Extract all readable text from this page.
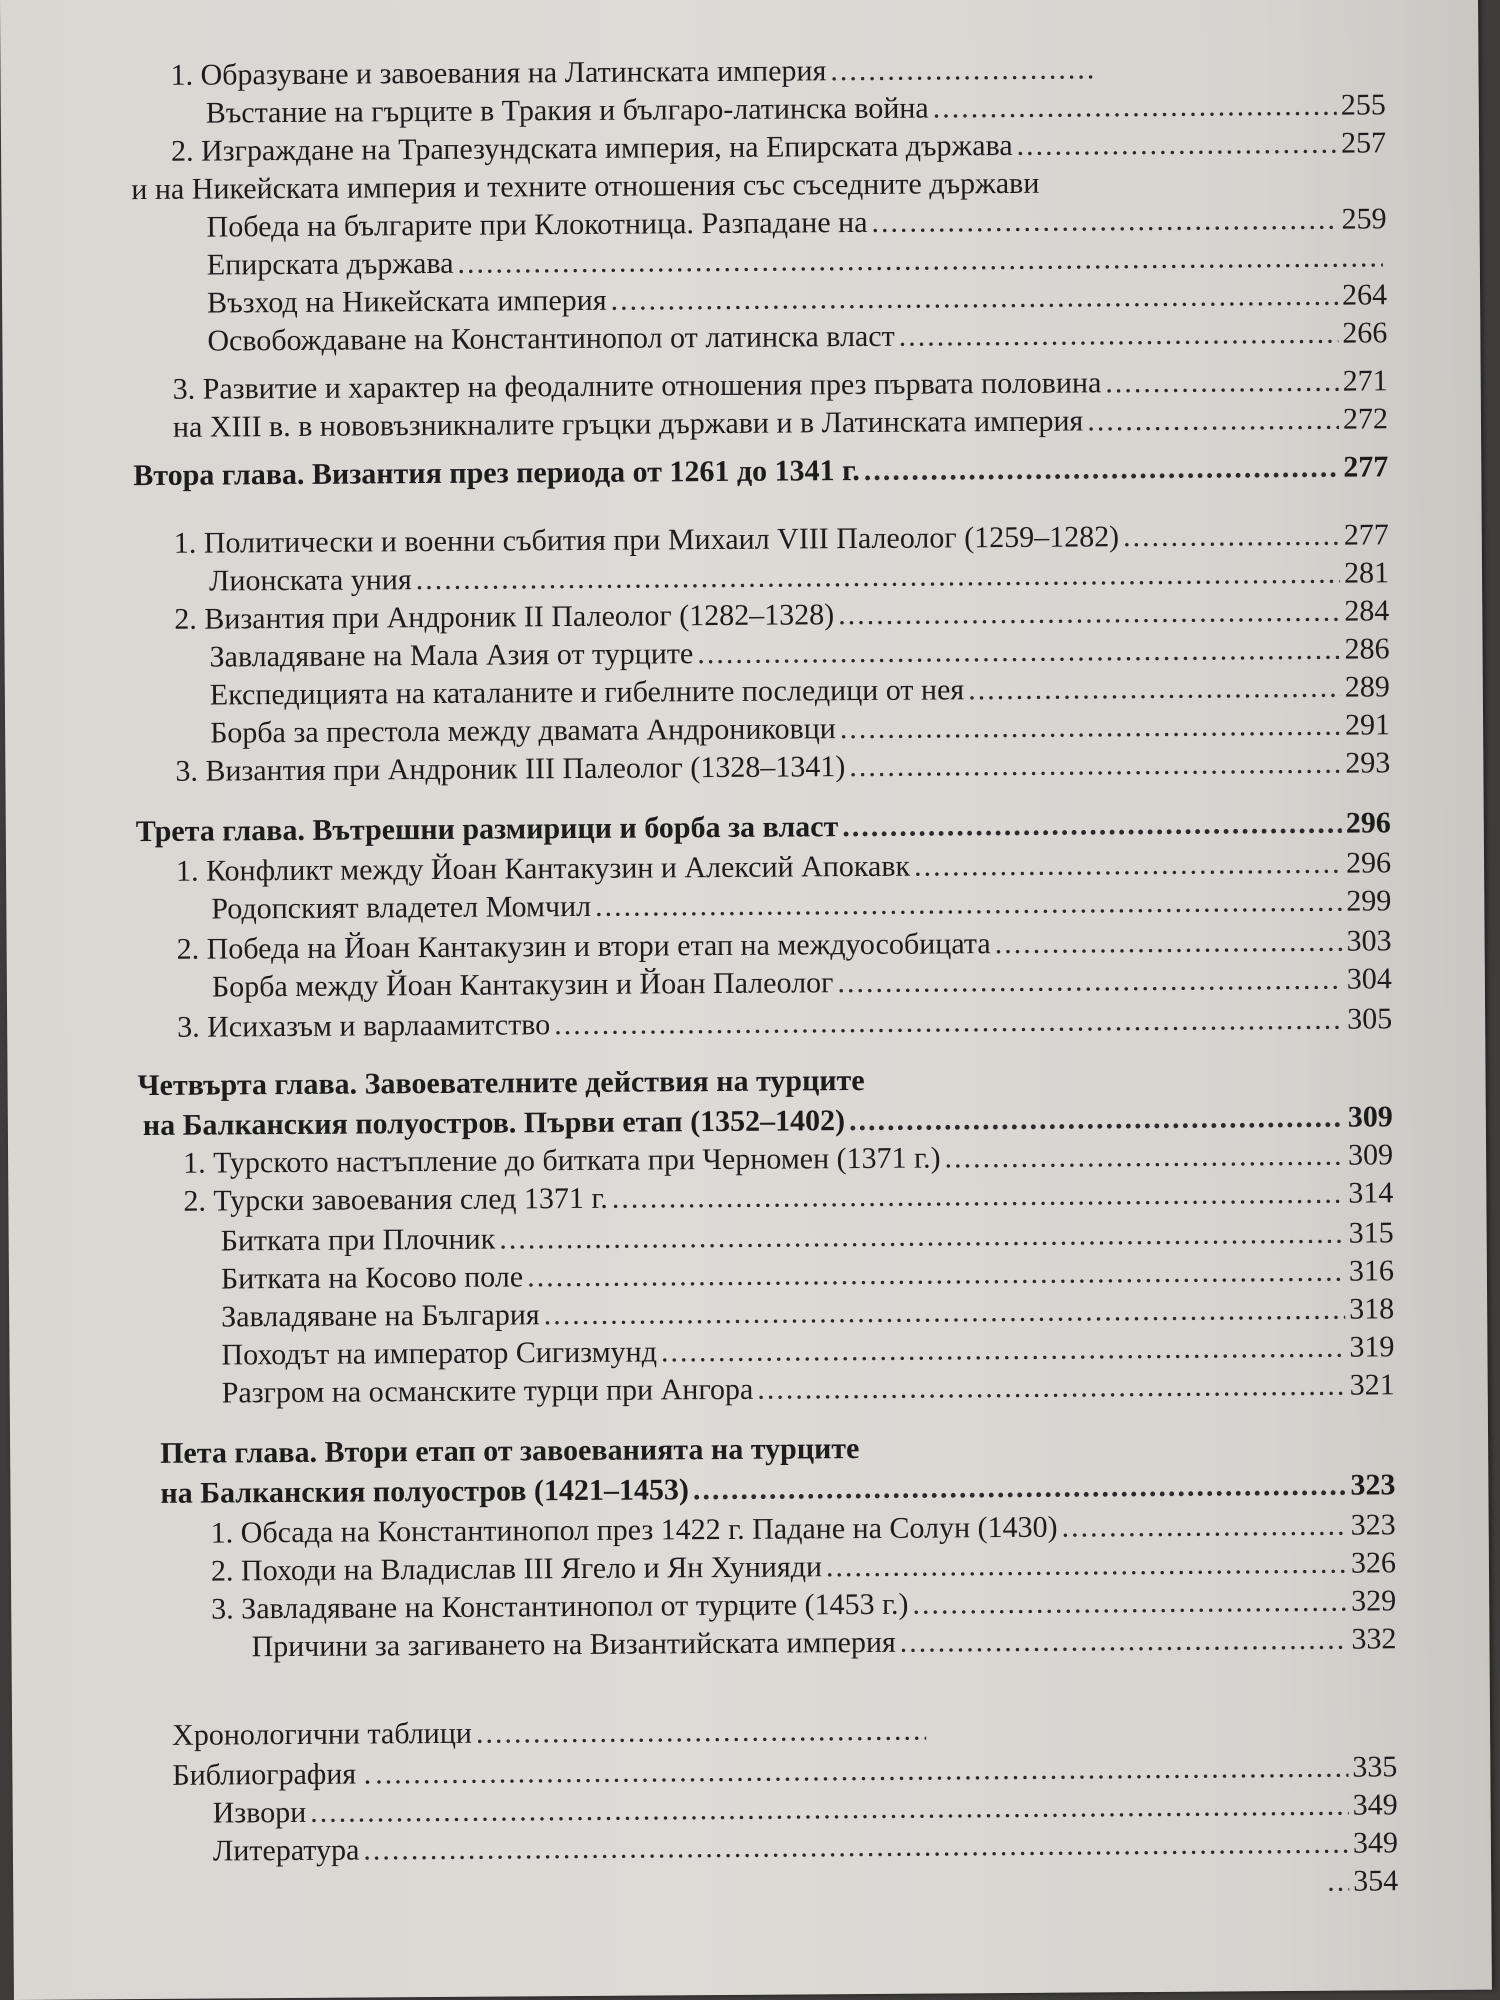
1. Образуване и завоевания на Латинската империя
.....
Въстание на гърците в Тракия и българо-латинска война .....	255
2. Изграждане на Трапезундската империя, на Епирската държава .....	257
и на Никейската империя и техните отношения със съседните държави
Победа на българите при Клокотница. Разпадане на .....	259
Епирската държава
.....
Възход на Никейската империя .....	264
Освобождаване на Константинопол от латинска власт .....	266
3. Развитие и характер на феодалните отношения през първата половина .....	271
на XIII в. в нововъзникналите гръцки държави и в Латинската империя .....	272
Втора глава. Византия през периода от 1261 до 1341 г. .....	277
1. Политически и военни събития при Михаил VIII Палеолог (1259–1282) .....	277
Лионската уния .....	281
2. Византия при Андроник II Палеолог (1282–1328) .....	284
Завладяване на Мала Азия от турците .....	286
Експедицията на каталаните и гибелните последици от нея .....	289
Борба за престола между двамата Андрониковци .....	291
3. Византия при Андроник III Палеолог (1328–1341) .....	293
Трета глава. Вътрешни размирици и борба за власт .....	296
1. Конфликт между Йоан Кантакузин и Алексий Апокавк .....	296
Родопският владетел Момчил .....	299
2. Победа на Йоан Кантакузин и втори етап на междуособицата .....	303
Борба между Йоан Кантакузин и Йоан Палеолог .....	304
3. Исихазъм и варлаамитство .....	305
Четвърта глава. Завоевателните действия на турците
на Балканския полуостров. Първи етап (1352–1402) .....	309
1. Турското настъпление до битката при Черномен (1371 г.) .....	309
2. Турски завоевания след 1371 г. .....	314
Битката при Плочник .....	315
Битката на Косово поле .....	316
Завладяване на България .....	318
Походът на император Сигизмунд .....	319
Разгром на османските турци при Ангора .....	321
Пета глава. Втори етап от завоеванията на турците
на Балканския полуостров (1421–1453) .....	323
1. Обсада на Константинопол през 1422 г. Падане на Солун (1430) .....	323
2. Походи на Владислав III Ягело и Ян Хунияди .....	326
3. Завладяване на Константинопол от турците (1453 г.) .....	329
Причини за загиването на Византийската империя .....	332
Хронологични таблици
.....
Библиография . .....	335
Извори .....	349
Литература .....	349
.....
354
